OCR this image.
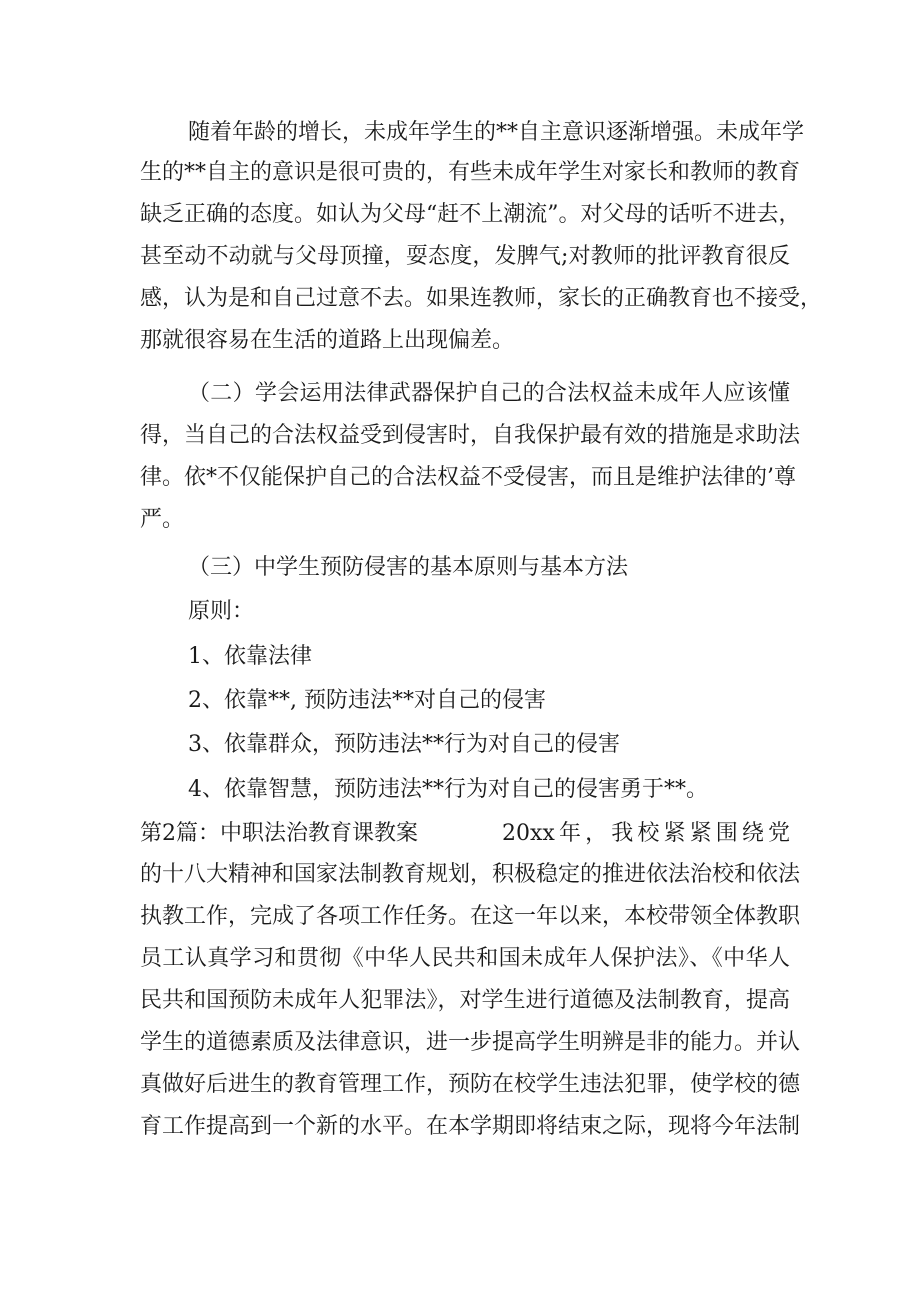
随着年龄的增长，未成年学生的**自主意识逐渐增强。未成年学
生的**自主的意识是很可贵的，有些未成年学生对家长和教师的教育
缺乏正确的态度。如认为父母“赶不上潮流”。对父母的话听不进去，
甚至动不动就与父母顶撞，耍态度，发脾气;对教师的批评教育很反
感，认为是和自己过意不去。如果连教师，家长的正确教育也不接受，
那就很容易在生活的道路上出现偏差。
（二）学会运用法律武器保护自己的合法权益未成年人应该懂
得，当自己的合法权益受到侵害时，自我保护最有效的措施是求助法
律。依*不仅能保护自己的合法权益不受侵害，而且是维护法律的’尊
严。
（三）中学生预防侵害的基本原则与基本方法
原则：
1、依靠法律
2、依靠**, 预防违法**对自己的侵害
3、依靠群众，预防违法**行为对自己的侵害
4、依靠智慧，预防违法**行为对自己的侵害勇于**。
第2篇：中职法治教育课教案	20xx年，我校紧紧围绕党
的十八大精神和国家法制教育规划，积极稳定的推进依法治校和依法
执教工作，完成了各项工作任务。在这一年以来，本校带领全体教职
员工认真学习和贯彻《中华人民共和国未成年人保护法》、《中华人
民共和国预防未成年人犯罪法》，对学生进行道德及法制教育，提高
学生的道德素质及法律意识，进一步提高学生明辨是非的能力。并认
真做好后进生的教育管理工作，预防在校学生违法犯罪，使学校的德
育工作提高到一个新的水平。在本学期即将结束之际，现将今年法制
